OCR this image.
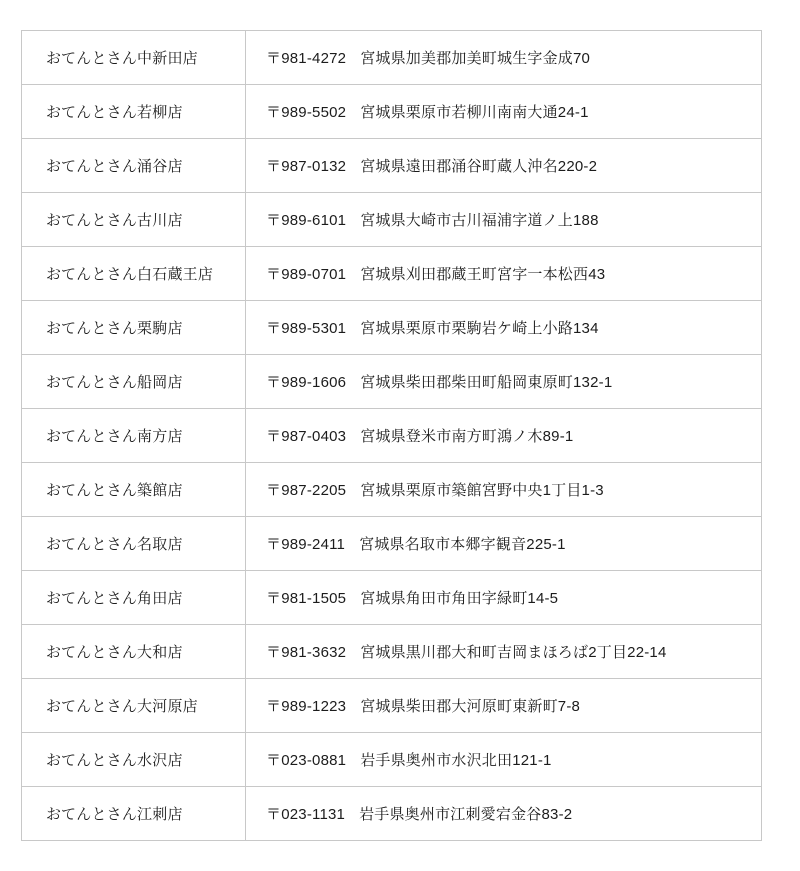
おてんとさん中新田店	〒981-4272 宮城県加美郡加美町城生字金成70
おてんとさん若柳店	〒989-5502 宮城県栗原市若柳川南南大通24-1
おてんとさん涌谷店	〒987-0132 宮城県遠田郡涌谷町蔵人沖名220-2
おてんとさん古川店	〒989-6101 宮城県大崎市古川福浦字道ノ上188
おてんとさん白石蔵王店	〒989-0701 宮城県刈田郡蔵王町宮字一本松西43
おてんとさん栗駒店	〒989-5301 宮城県栗原市栗駒岩ケ崎上小路134
おてんとさん船岡店	〒989-1606 宮城県柴田郡柴田町船岡東原町132-1
おてんとさん南方店	〒987-0403 宮城県登米市南方町鴻ノ木89-1
おてんとさん築館店	〒987-2205 宮城県栗原市築館宮野中央1丁目1-3
おてんとさん名取店	〒989-2411 宮城県名取市本郷字観音225-1
おてんとさん角田店	〒981-1505 宮城県角田市角田字緑町14-5
おてんとさん大和店	〒981-3632 宮城県黒川郡大和町吉岡まほろば2丁目22-14
おてんとさん大河原店	〒989-1223 宮城県柴田郡大河原町東新町7-8
おてんとさん水沢店	〒023-0881 岩手県奥州市水沢北田121-1
おてんとさん江刺店	〒023-1131 岩手県奥州市江刺愛宕金谷83-2
